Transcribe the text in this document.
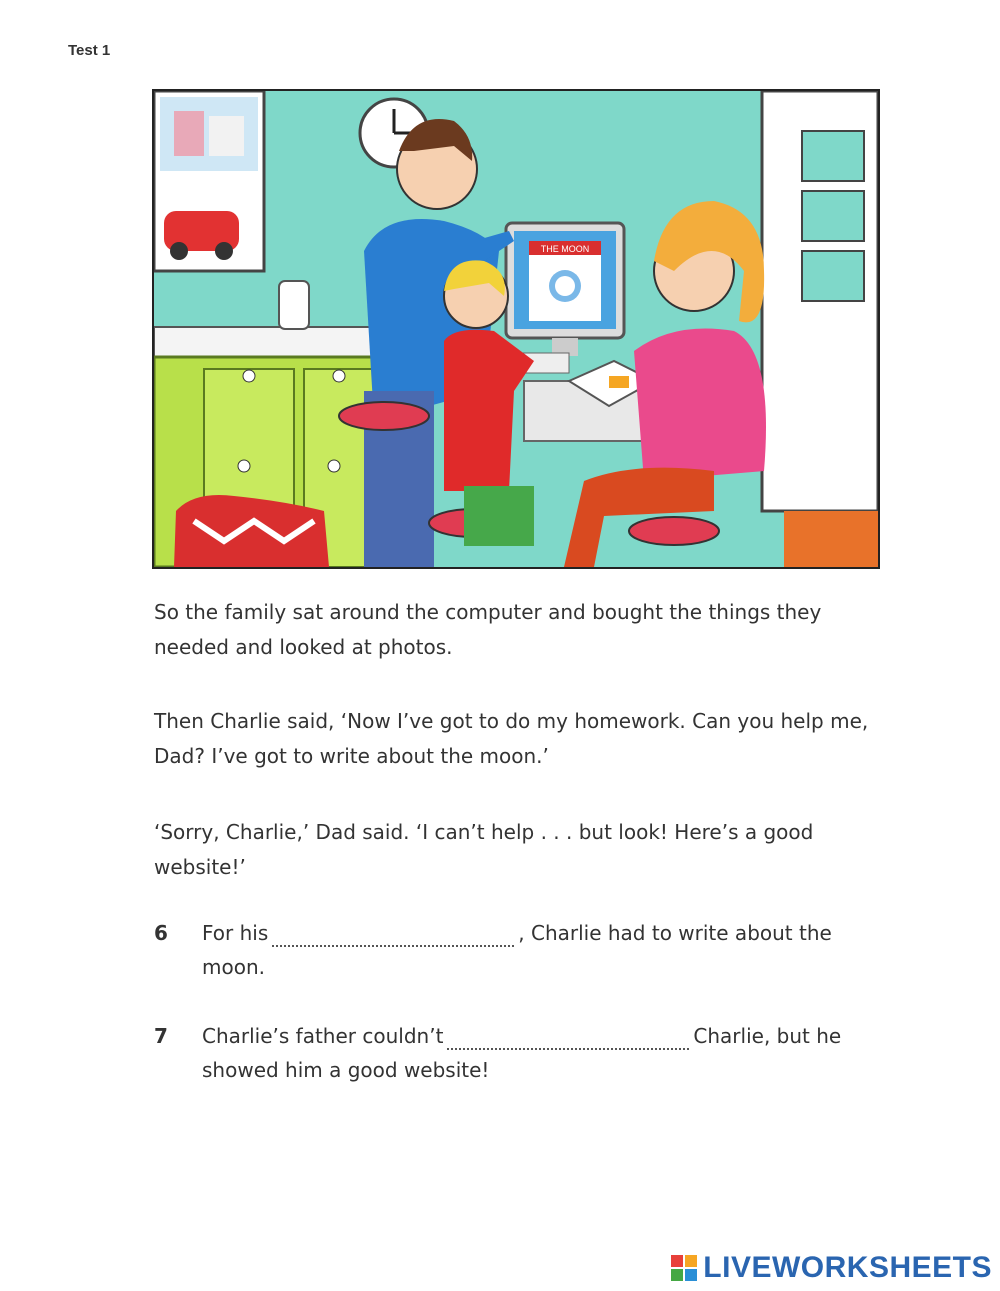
Test 1
THE MOON
So the family sat around the computer and bought the things they needed and looked at photos.
Then Charlie said, ‘Now I’ve got to do my homework. Can you help me, Dad? I’ve got to write about the moon.’
‘Sorry, Charlie,’ Dad said. ‘I can’t help . . . but look! Here’s a good website!’
6	For his	, Charlie had to write about the moon.
7	Charlie’s father couldn’t	Charlie, but he showed him a good website!
LIVEWORKSHEETS
